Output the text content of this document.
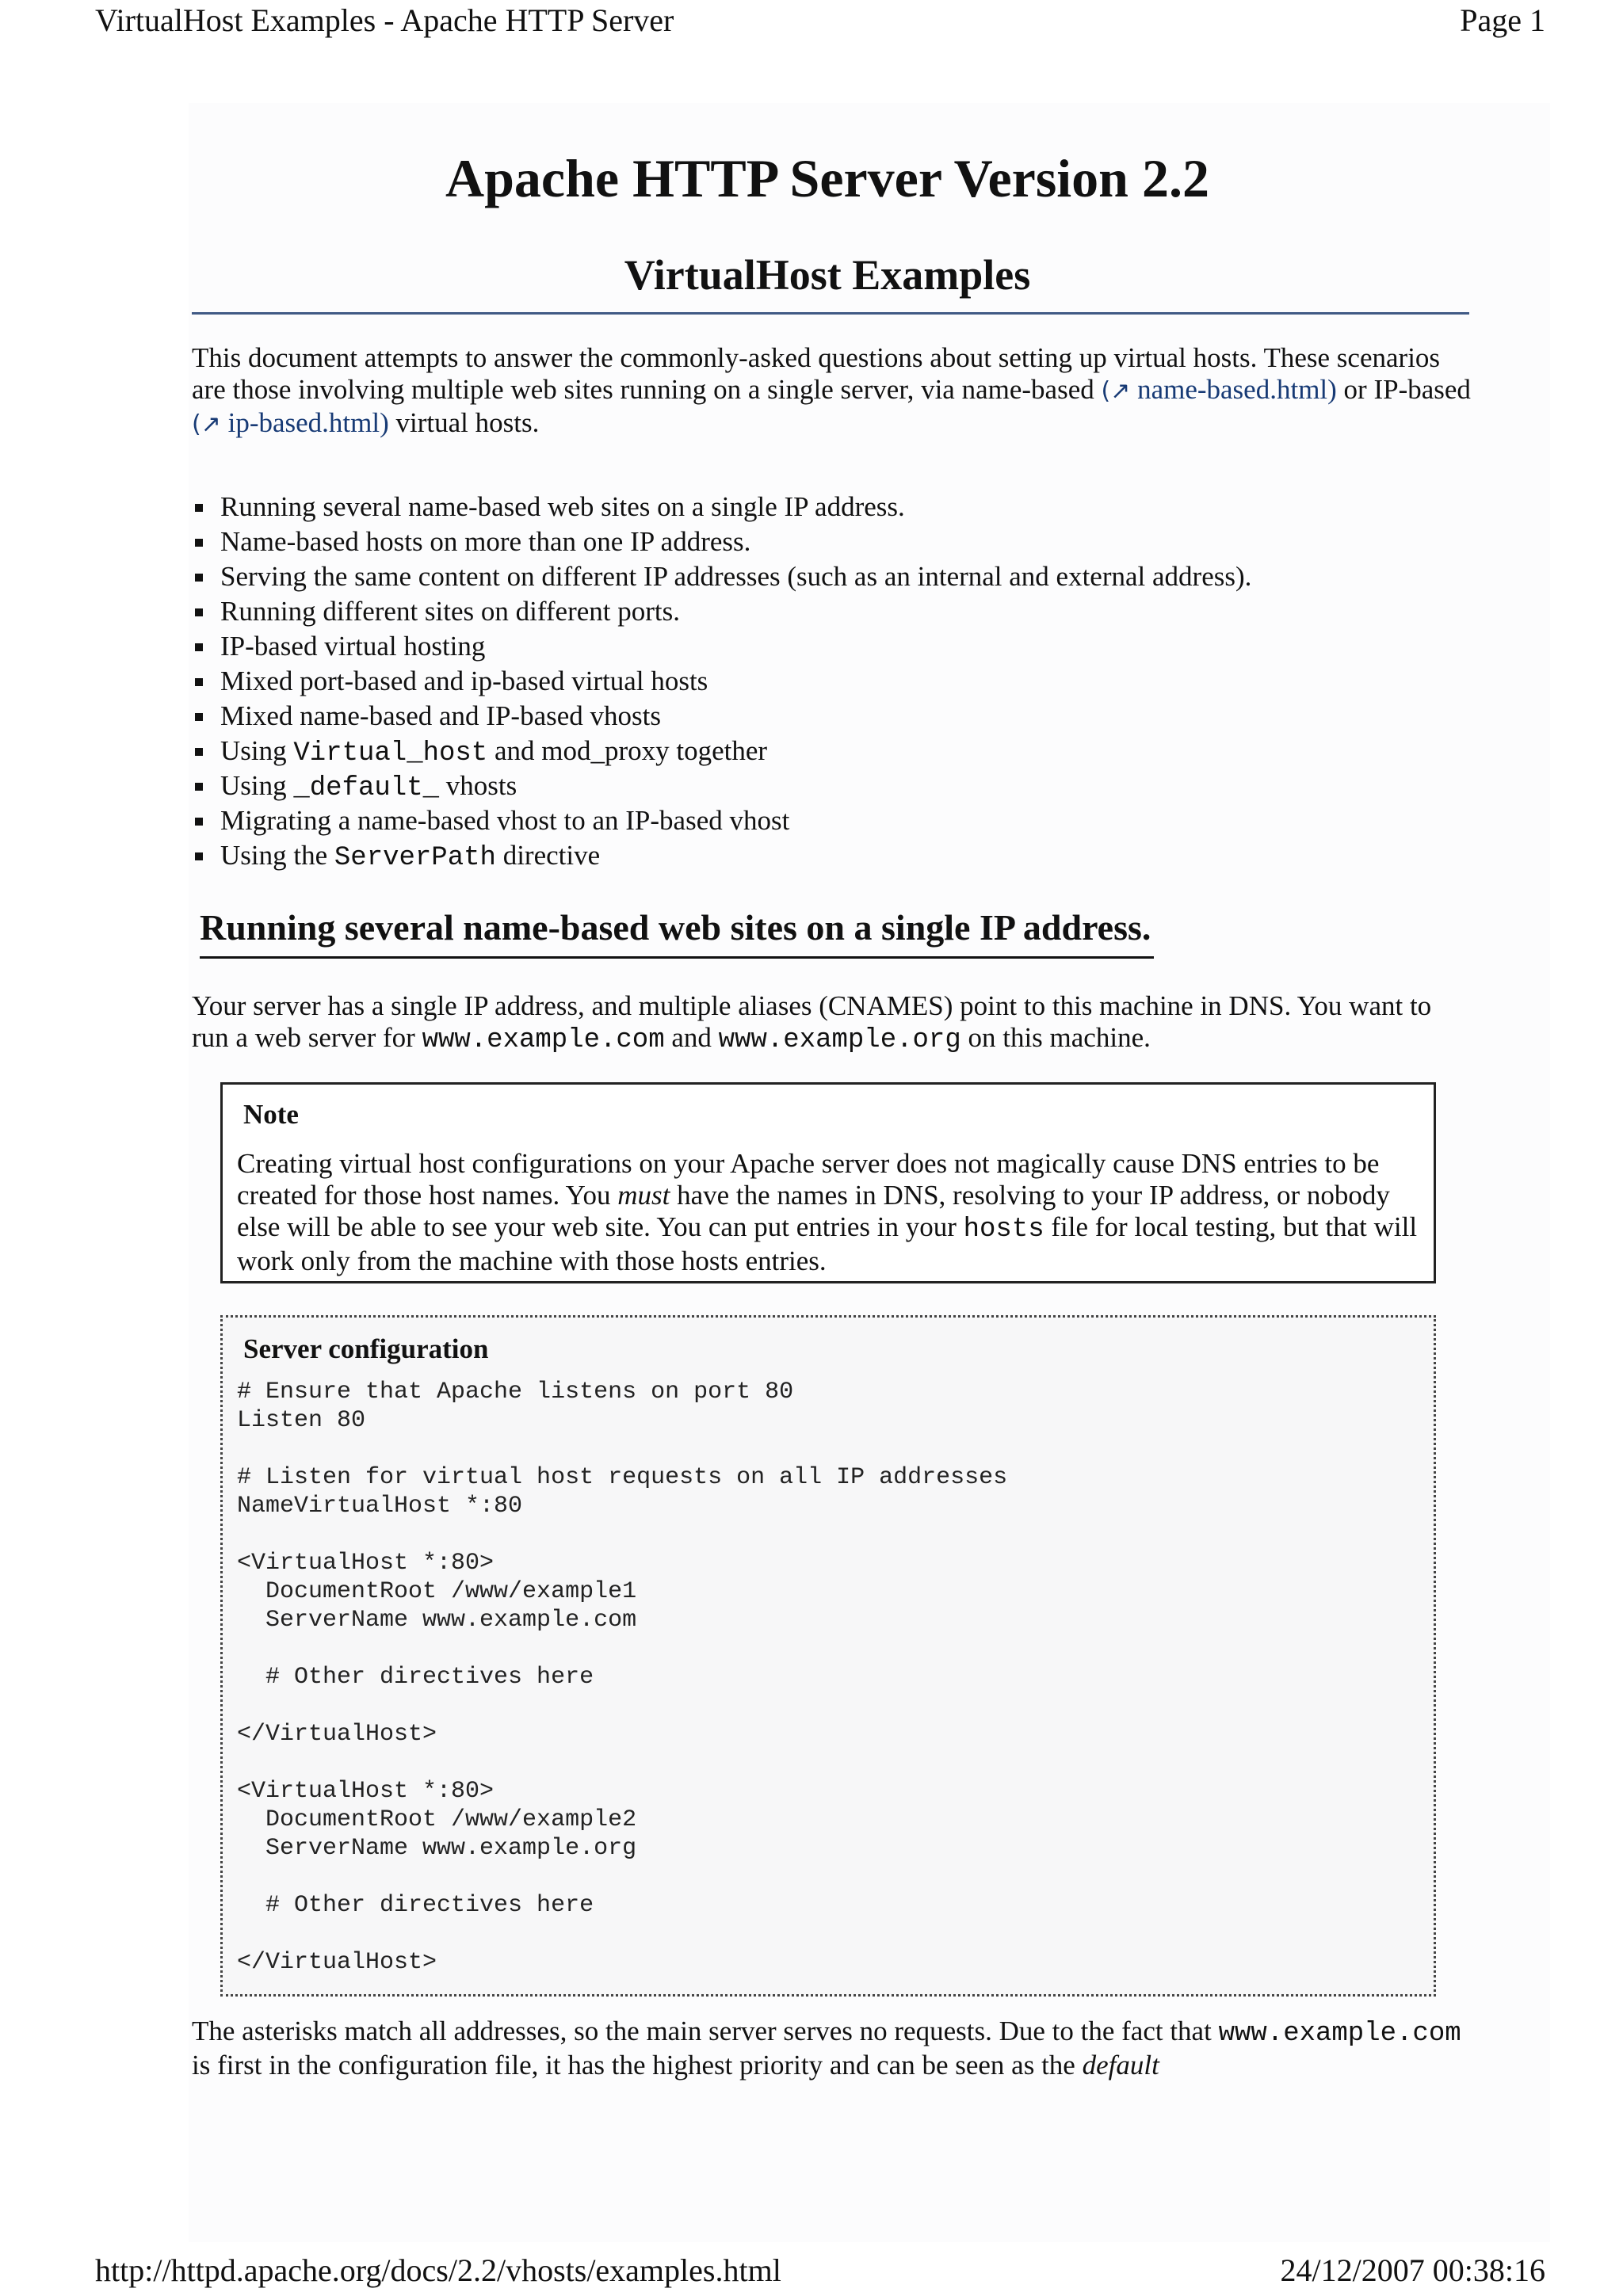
VirtualHost Examples - Apache HTTP Server	Page 1
Apache HTTP Server Version 2.2
VirtualHost Examples
This document attempts to answer the commonly-asked questions about setting up virtual hosts. These scenarios are those involving multiple web sites running on a single server, via name-based (↗ name-based.html) or IP-based (↗ ip-based.html) virtual hosts.
Running several name-based web sites on a single IP address.
Name-based hosts on more than one IP address.
Serving the same content on different IP addresses (such as an internal and external address).
Running different sites on different ports.
IP-based virtual hosting
Mixed port-based and ip-based virtual hosts
Mixed name-based and IP-based vhosts
Using Virtual_host and mod_proxy together
Using _default_ vhosts
Migrating a name-based vhost to an IP-based vhost
Using the ServerPath directive
Running several name-based web sites on a single IP address.
Your server has a single IP address, and multiple aliases (CNAMES) point to this machine in DNS. You want to run a web server for www.example.com and www.example.org on this machine.
Note
Creating virtual host configurations on your Apache server does not magically cause DNS entries to be created for those host names. You must have the names in DNS, resolving to your IP address, or nobody else will be able to see your web site. You can put entries in your hosts file for local testing, but that will work only from the machine with those hosts entries.
Server configuration
# Ensure that Apache listens on port 80
Listen 80

# Listen for virtual host requests on all IP addresses
NameVirtualHost *:80

<VirtualHost *:80>
DocumentRoot /www/example1
ServerName www.example.com

# Other directives here

</VirtualHost>

<VirtualHost *:80>
DocumentRoot /www/example2
ServerName www.example.org

# Other directives here

</VirtualHost>
The asterisks match all addresses, so the main server serves no requests. Due to the fact that www.example.com is first in the configuration file, it has the highest priority and can be seen as the default
http://httpd.apache.org/docs/2.2/vhosts/examples.html	24/12/2007 00:38:16
